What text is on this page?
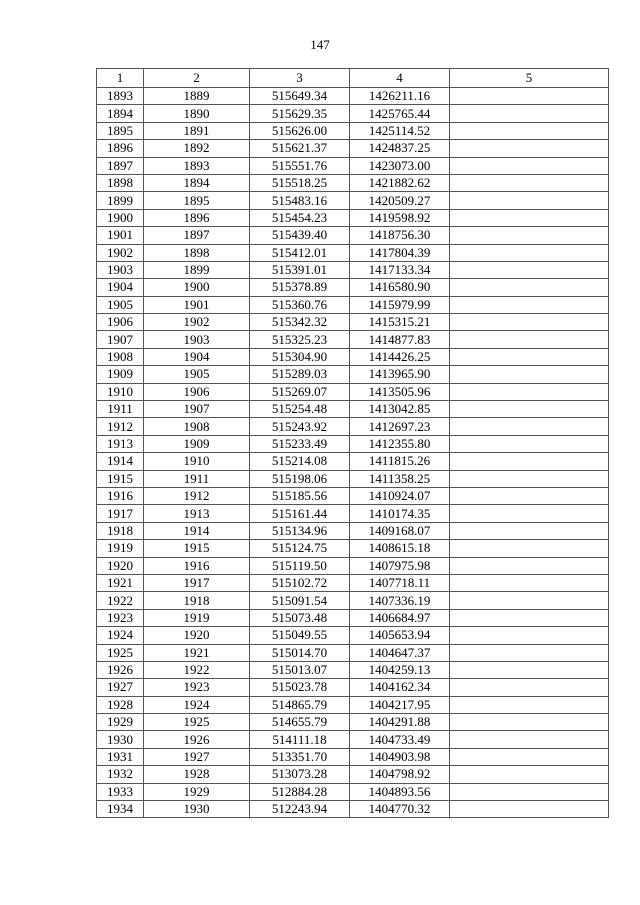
147
1	2	3	4	5
1893	1889	515649.34	1426211.16	
1894	1890	515629.35	1425765.44	
1895	1891	515626.00	1425114.52	
1896	1892	515621.37	1424837.25	
1897	1893	515551.76	1423073.00	
1898	1894	515518.25	1421882.62	
1899	1895	515483.16	1420509.27	
1900	1896	515454.23	1419598.92	
1901	1897	515439.40	1418756.30	
1902	1898	515412.01	1417804.39	
1903	1899	515391.01	1417133.34	
1904	1900	515378.89	1416580.90	
1905	1901	515360.76	1415979.99	
1906	1902	515342.32	1415315.21	
1907	1903	515325.23	1414877.83	
1908	1904	515304.90	1414426.25	
1909	1905	515289.03	1413965.90	
1910	1906	515269.07	1413505.96	
1911	1907	515254.48	1413042.85	
1912	1908	515243.92	1412697.23	
1913	1909	515233.49	1412355.80	
1914	1910	515214.08	1411815.26	
1915	1911	515198.06	1411358.25	
1916	1912	515185.56	1410924.07	
1917	1913	515161.44	1410174.35	
1918	1914	515134.96	1409168.07	
1919	1915	515124.75	1408615.18	
1920	1916	515119.50	1407975.98	
1921	1917	515102.72	1407718.11	
1922	1918	515091.54	1407336.19	
1923	1919	515073.48	1406684.97	
1924	1920	515049.55	1405653.94	
1925	1921	515014.70	1404647.37	
1926	1922	515013.07	1404259.13	
1927	1923	515023.78	1404162.34	
1928	1924	514865.79	1404217.95	
1929	1925	514655.79	1404291.88	
1930	1926	514111.18	1404733.49	
1931	1927	513351.70	1404903.98	
1932	1928	513073.28	1404798.92	
1933	1929	512884.28	1404893.56	
1934	1930	512243.94	1404770.32	
